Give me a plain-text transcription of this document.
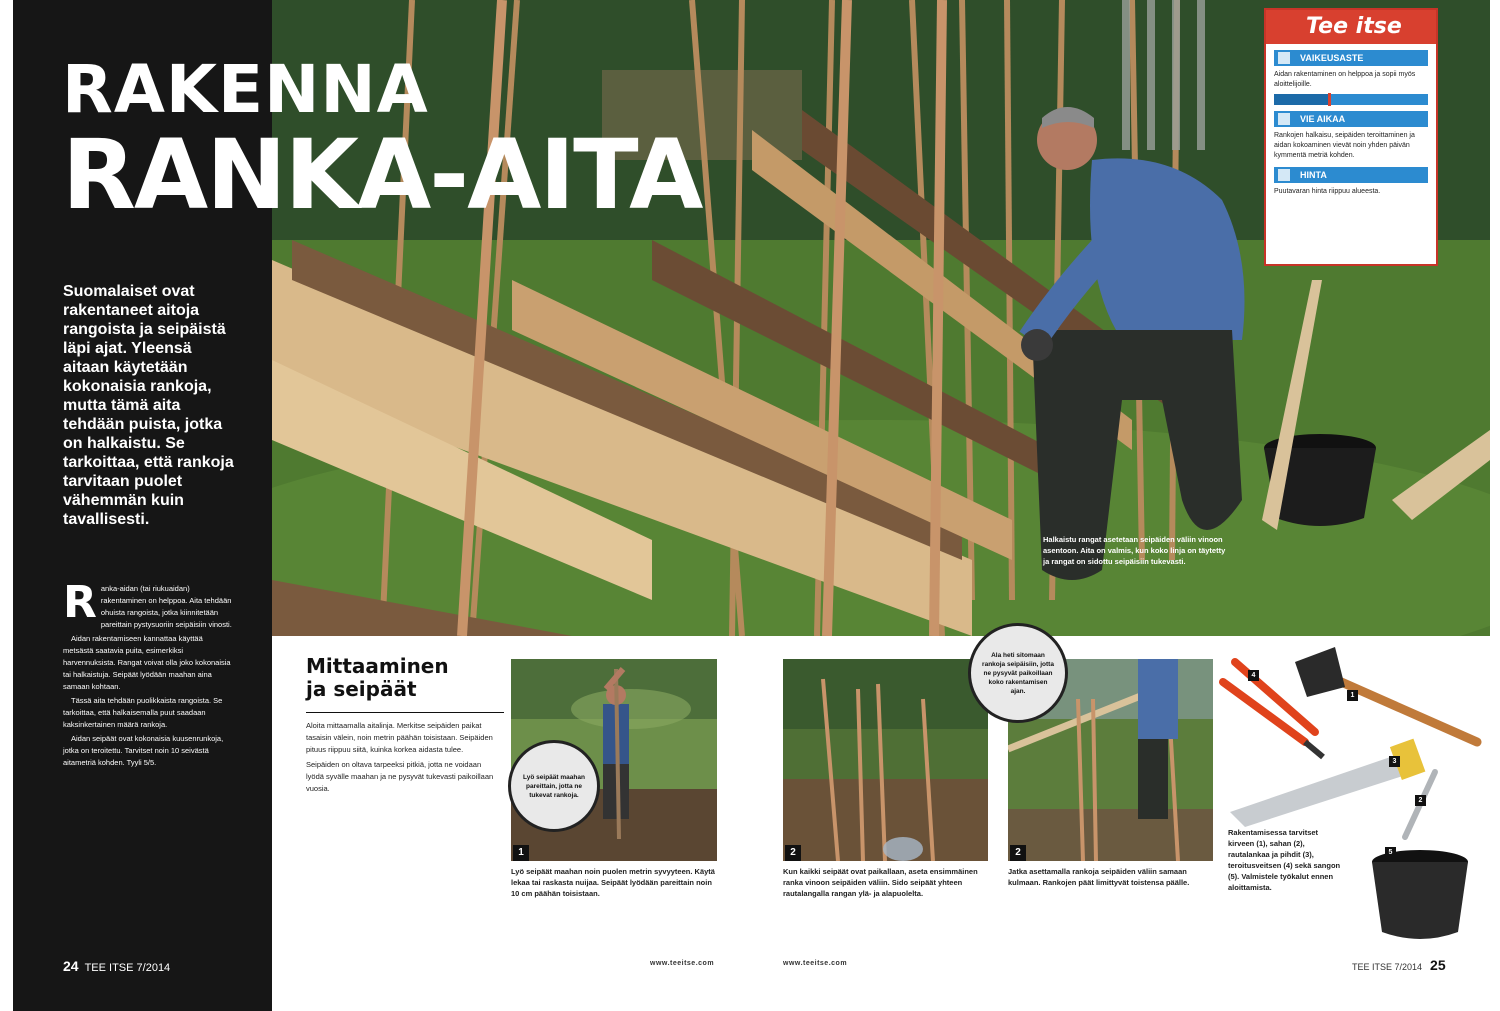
RAKENNA
RANKA-AITA
Suomalaiset ovat rakentaneet aitoja rangoista ja seipäistä läpi ajat. Yleensä aitaan käytetään kokonaisia rankoja, mutta tämä aita tehdään puista, jotka on halkaistu. Se tarkoittaa, että rankoja tarvitaan puolet vähemmän kuin tavallisesti.

Ranka-aidan (tai riukuaidan) rakentaminen on helppoa. Aita tehdään ohuista rangoista, jotka kiinnitetään pareittain pystysuoriin seipäisiin vinosti.

Aidan rakentamiseen kannattaa käyttää metsästä saatavia puita, esimerkiksi harvennuksista. Rangat voivat olla joko kokonaisia tai halkaistuja. Seipäät lyödään maahan aina samaan kohtaan.

Tässä aita tehdään puolikkaista rangoista. Se tarkoittaa, että halkaisemalla puut saadaan kaksinkertainen määrä rankoja.

Aidan seipäät ovat kokonaisia kuusenrunkoja, jotka on teroitettu. Tarvitset noin 10 seivästä aitametriä kohden. Tyyli 5/5.

24 TEE ITSE 7/2014
Halkaistu rangat asetetaan seipäiden väliin vinoon asentoon. Aita on valmis, kun koko linja on täytetty ja rangat on sidottu seipäisiin tukevasti.
Tee itse
VAIKEUSASTE
Aidan rakentaminen on helppoa ja sopii myös aloittelijoille.
VIE AIKAA
Rankojen halkaisu, seipäiden teroittaminen ja aidan kokoaminen vievät noin yhden päivän kymmentä metriä kohden.
HINTA
Puutavaran hinta riippuu alueesta.
Mittaaminen
ja seipäät

Aloita mittaamalla aitalinja. Merkitse seipäiden paikat tasaisin välein, noin metrin päähän toisistaan. Seipäiden pituus riippuu siitä, kuinka korkea aidasta tulee.

Seipäiden on oltava tarpeeksi pitkiä, jotta ne voidaan lyödä syvälle maahan ja ne pysyvät tukevasti paikoillaan vuosia.

1
Lyö seipäät maahan noin puolen metrin syvyyteen. Käytä lekaa tai raskasta nuijaa. Seipäät lyödään pareittain noin 10 cm päähän toisistaan.
Lyö seipäät maahan pareittain, jotta ne tukevat rankoja.
2
Kun kaikki seipäät ovat paikallaan, aseta ensimmäinen ranka vinoon seipäiden väliin. Sido seipäät yhteen rautalangalla rangan ylä- ja alapuolelta.
2
Jatka asettamalla rankoja seipäiden väliin samaan kulmaan. Rankojen päät limittyvät toistensa päälle.
Ala heti sitomaan rankoja seipäisiin, jotta ne pysyvät paikoillaan koko rakentamisen ajan.
4
1
3
2
5
Rakentamisessa tarvitset kirveen (1), sahan (2), rautalankaa ja pihdit (3), teroitusveitsen (4) sekä sangon (5). Valmistele työkalut ennen aloittamista.
www.teeitse.com	www.teeitse.com	TEE ITSE 7/2014 25
